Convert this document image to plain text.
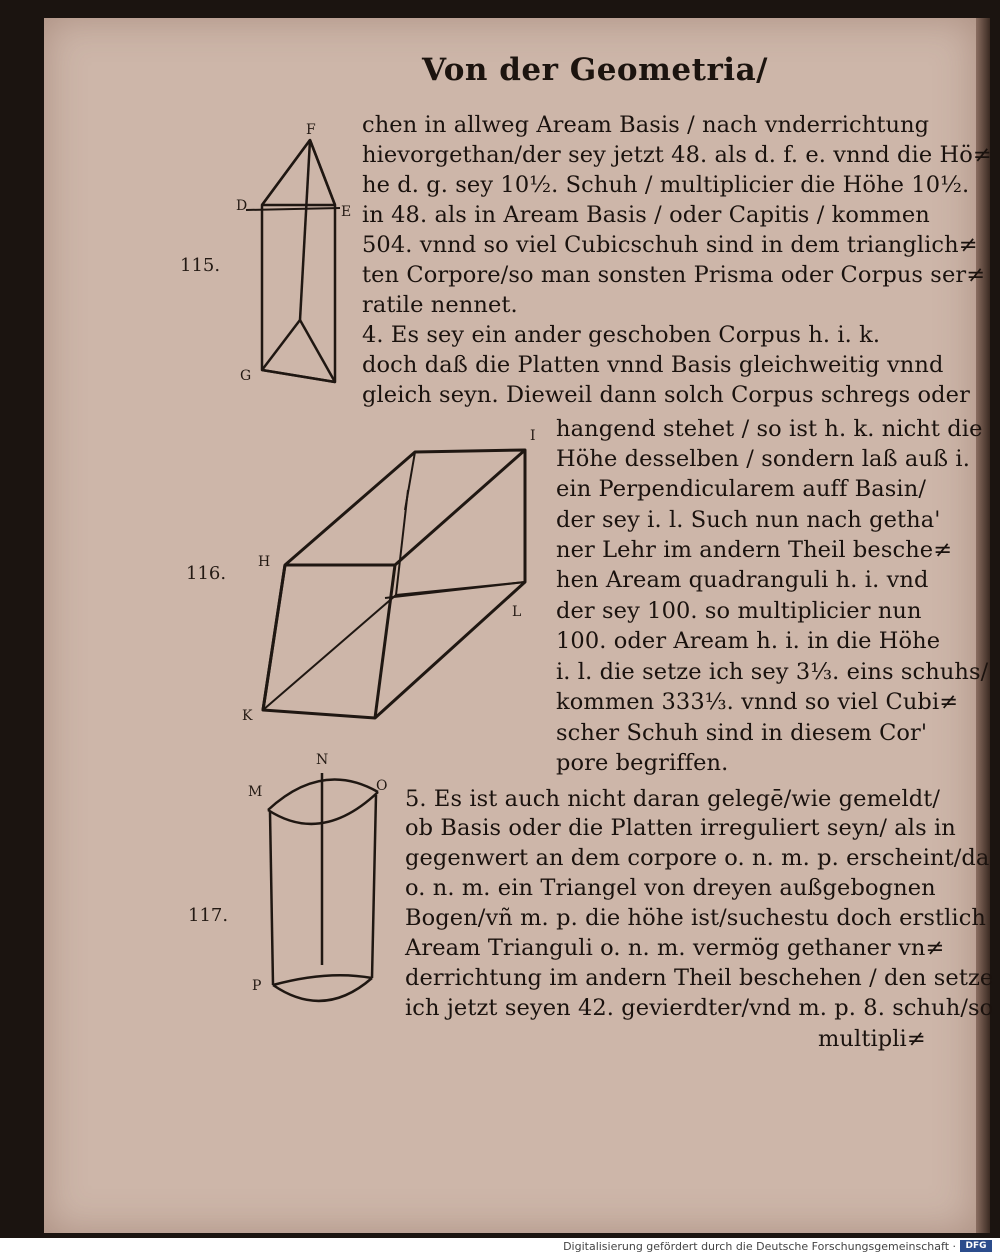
Von der Geometria/
115.
116.
117.
F
D	E
G
I
H
L
K
N
M	O
P
chen in allweg Aream Basis / nach vnderrichtung
hievorgethan/der sey jetzt 48. als d. f. e. vnnd die Hö≠
he d. g. sey 10½. Schuh / multiplicier die Höhe 10½.
in 48. als in Aream Basis / oder Capitis / kommen
504. vnnd so viel Cubicschuh sind in dem trianglich≠
ten Corpore/so man sonsten Prisma oder Corpus ser≠
ratile nennet.
4. Es sey ein ander geschoben Corpus h. i. k.
doch daß die Platten vnnd Basis gleichweitig vnnd
gleich seyn. Dieweil dann solch Corpus schregs oder
hangend stehet / so ist h. k. nicht die
Höhe desselben / sondern laß auß i.
ein Perpendicularem auff Basin/
der sey i. l. Such nun nach getha'
ner Lehr im andern Theil besche≠
hen Aream quadranguli h. i. vnd
der sey 100. so multiplicier nun
100. oder Aream h. i. in die Höhe
i. l. die setze ich sey 3⅓. eins schuhs/
kommen 333⅓. vnnd so viel Cubi≠
scher Schuh sind in diesem Cor'
pore begriffen.
5. Es ist auch nicht daran gelegē/wie gemeldt/
ob Basis oder die Platten irreguliert seyn/ als in
gegenwert an dem corpore o. n. m. p. erscheint/da
o. n. m. ein Triangel von dreyen außgebognen
Bogen/vñ m. p. die höhe ist/suchestu doch erstlich
Aream Trianguli o. n. m. vermög gethaner vn≠
derrichtung im andern Theil beschehen / den setze
ich jetzt seyen 42. gevierdter/vnd m. p. 8. schuh/so
multipli≠
Digitalisierung gefördert durch die Deutsche Forschungsgemeinschaft ·	DFG
